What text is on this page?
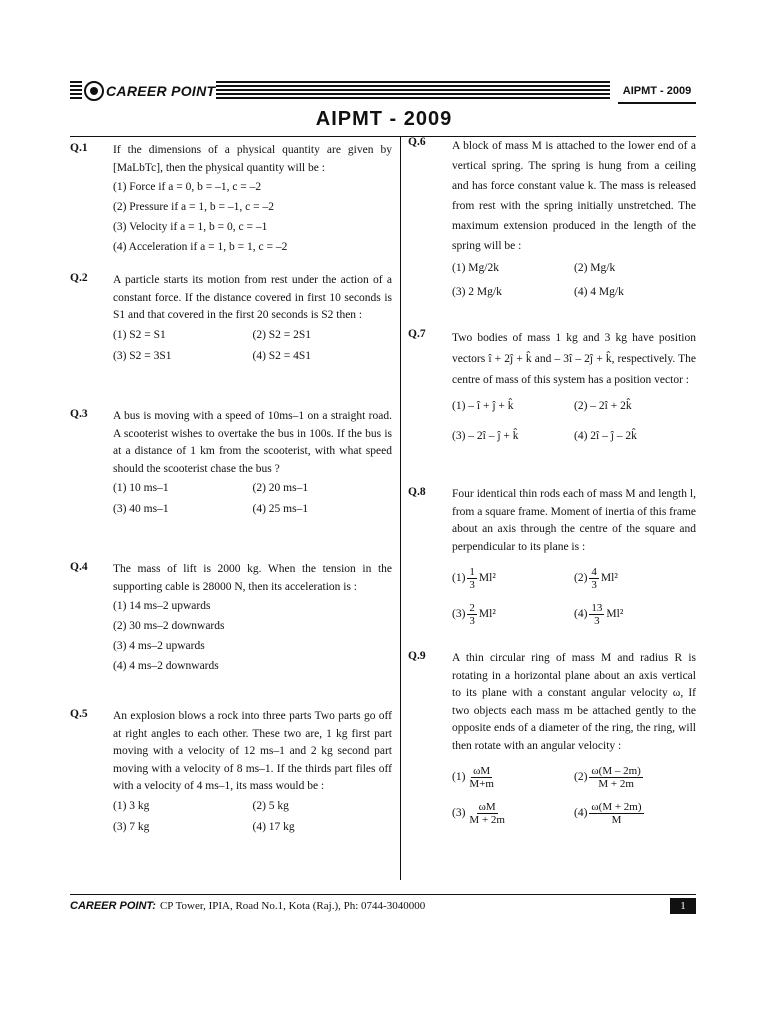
CAREER POINT	AIPMT - 2009
AIPMT - 2009
Q.1 If the dimensions of a physical quantity are given by [MaLbTc], then the physical quantity will be :
(1) Force if a = 0, b = –1, c = –2
(2) Pressure if a = 1, b = –1, c = –2
(3) Velocity if a = 1, b = 0, c = –1
(4) Acceleration if a = 1, b = 1, c = –2
Q.2 A particle starts its motion from rest under the action of a constant force. If the distance covered in first 10 seconds is S1 and that covered in the first 20 seconds is S2 then :
(1) S2 = S1	(2) S2 = 2S1
(3) S2 = 3S1	(4) S2 = 4S1
Q.3 A bus is moving with a speed of 10ms–1 on a straight road. A scooterist wishes to overtake the bus in 100s. If the bus is at a distance of 1 km from the scooterist, with what speed should the scooterist chase the bus ?
(1) 10 ms–1	(2) 20 ms–1
(3) 40 ms–1	(4) 25 ms–1
Q.4 The mass of lift is 2000 kg. When the tension in the supporting cable is 28000 N, then its acceleration is :
(1) 14 ms–2 upwards
(2) 30 ms–2 downwards
(3) 4 ms–2 upwards
(4) 4 ms–2 downwards
Q.5 An explosion blows a rock into three parts Two parts go off at right angles to each other. These two are, 1 kg first part moving with a velocity of 12 ms–1 and 2 kg second part moving with a velocity of 8 ms–1. If the thirds part files off with a velocity of 4 ms–1, its mass would be :
(1) 3 kg	(2) 5 kg
(3) 7 kg	(4) 17 kg
Q.6 A block of mass M is attached to the lower end of a vertical spring. The spring is hung from a ceiling and has force constant value k. The mass is released from rest with the spring initially unstretched. The maximum extension produced in the length of the spring will be :
(1) Mg/2k	(2) Mg/k
(3) 2 Mg/k	(4) 4 Mg/k
Q.7 Two bodies of mass 1 kg and 3 kg have position vectors î + 2ĵ + k̂ and – 3î – 2ĵ + k̂, respectively. The centre of mass of this system has a position vector :
(1) – î + ĵ + k̂	(2) – 2î + 2k̂
(3) – 2î – ĵ + k̂	(4) 2î – ĵ – 2k̂
Q.8 Four identical thin rods each of mass M and length l, from a square frame. Moment of inertia of this frame about an axis through the centre of the square and perpendicular to its plane is :
$(1) \frac{1}{3} Ml^2$	$(2) \frac{4}{3} Ml^2$
$(3) \frac{2}{3} Ml^2$	$(4) \frac{13}{3} Ml^2$
Q.9 A thin circular ring of mass M and radius R is rotating in a horizontal plane about an axis vertical to its plane with a constant angular velocity ω, If two objects each mass m be attached gently to the opposite ends of a diameter of the ring, the ring, will then rotate with an angular velocity :
$(1) \frac{\omega M}{M+m}$	$(2) \frac{\omega(M - 2m)}{M + 2m}$
$(3) \frac{\omega M}{M + 2m}$	$(4) \frac{\omega(M + 2m)}{M}$
CAREER POINT: CP Tower, IPIA, Road No.1, Kota (Raj.), Ph: 0744-3040000	1
